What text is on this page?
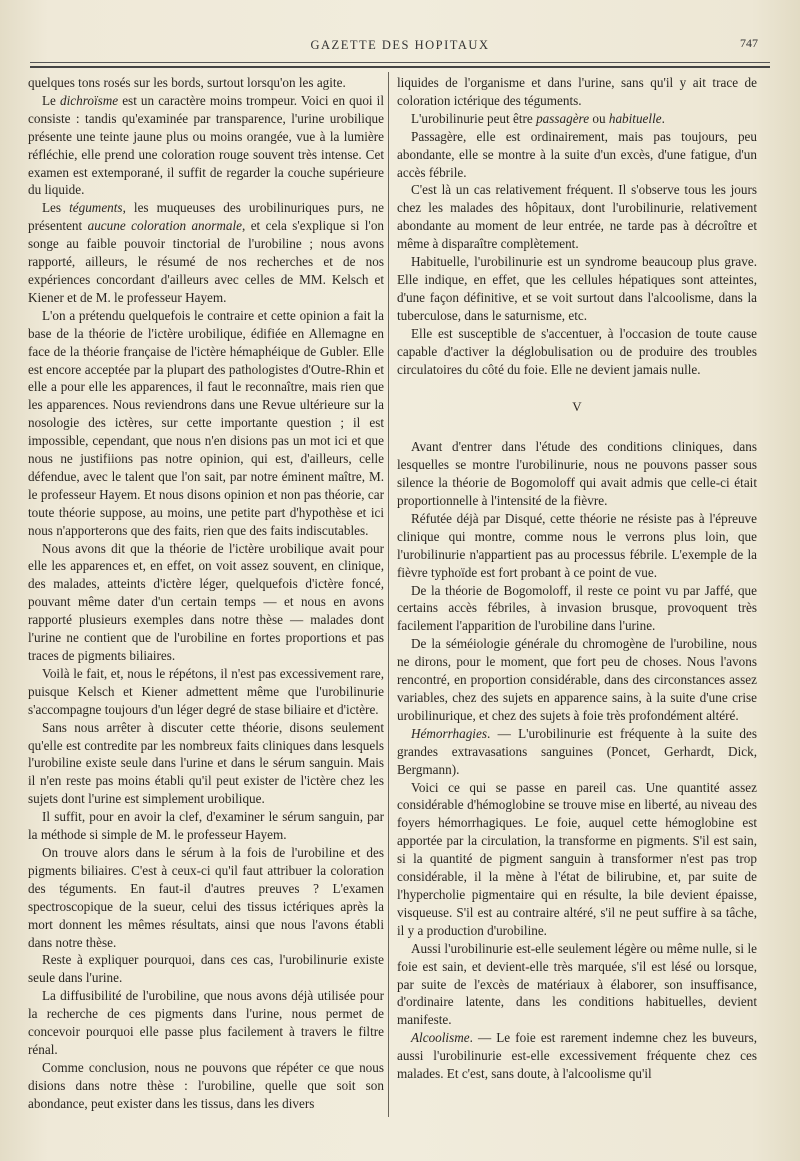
GAZETTE DES HOPITAUX	747

quelques tons rosés sur les bords, surtout lorsqu'on les agite.

Le dichroïsme est un caractère moins trompeur. Voici en quoi il consiste : tandis qu'examinée par transparence, l'urine urobilique présente une teinte jaune plus ou moins orangée, vue à la lumière réfléchie, elle prend une coloration rouge souvent très intense. Cet examen est extemporané, il suffit de regarder la couche supérieure du liquide.

Les téguments, les muqueuses des urobilinuriques purs, ne présentent aucune coloration anormale, et cela s'explique si l'on songe au faible pouvoir tinctorial de l'urobiline ; nous avons rapporté, ailleurs, le résumé de nos recherches et de nos expériences concordant d'ailleurs avec celles de MM. Kelsch et Kiener et de M. le professeur Hayem.

L'on a prétendu quelquefois le contraire et cette opinion a fait la base de la théorie de l'ictère urobilique, édifiée en Allemagne en face de la théorie française de l'ictère hémaphéique de Gubler. Elle est encore acceptée par la plupart des pathologistes d'Outre-Rhin et elle a pour elle les apparences, il faut le reconnaître, mais rien que les apparences. Nous reviendrons dans une Revue ultérieure sur la nosologie des ictères, sur cette importante question ; il est impossible, cependant, que nous n'en disions pas un mot ici et que nous ne justifiions pas notre opinion, qui est, d'ailleurs, celle défendue, avec le talent que l'on sait, par notre éminent maître, M. le professeur Hayem. Et nous disons opinion et non pas théorie, car toute théorie suppose, au moins, une petite part d'hypothèse et ici nous n'apporterons que des faits, rien que des faits indiscutables.

Nous avons dit que la théorie de l'ictère urobilique avait pour elle les apparences et, en effet, on voit assez souvent, en clinique, des malades, atteints d'ictère léger, quelquefois d'ictère foncé, pouvant même dater d'un certain temps — et nous en avons rapporté plusieurs exemples dans notre thèse — malades dont l'urine ne contient que de l'urobiline en fortes proportions et pas traces de pigments biliaires.

Voilà le fait, et, nous le répétons, il n'est pas excessivement rare, puisque Kelsch et Kiener admettent même que l'urobilinurie s'accompagne toujours d'un léger degré de stase biliaire et d'ictère.

Sans nous arrêter à discuter cette théorie, disons seulement qu'elle est contredite par les nombreux faits cliniques dans lesquels l'urobiline existe seule dans l'urine et dans le sérum sanguin. Mais il n'en reste pas moins établi qu'il peut exister de l'ictère chez les sujets dont l'urine est simplement urobilique.

Il suffit, pour en avoir la clef, d'examiner le sérum sanguin, par la méthode si simple de M. le professeur Hayem.

On trouve alors dans le sérum à la fois de l'urobiline et des pigments biliaires. C'est à ceux-ci qu'il faut attribuer la coloration des téguments. En faut-il d'autres preuves ? L'examen spectroscopique de la sueur, celui des tissus ictériques après la mort donnent les mêmes résultats, ainsi que nous l'avons établi dans notre thèse.

Reste à expliquer pourquoi, dans ces cas, l'urobilinurie existe seule dans l'urine.

La diffusibilité de l'urobiline, que nous avons déjà utilisée pour la recherche de ces pigments dans l'urine, nous permet de concevoir pourquoi elle passe plus facilement à travers le filtre rénal.

Comme conclusion, nous ne pouvons que répéter ce que nous disions dans notre thèse : l'urobiline, quelle que soit son abondance, peut exister dans les tissus, dans les divers

liquides de l'organisme et dans l'urine, sans qu'il y ait trace de coloration ictérique des téguments.

L'urobilinurie peut être passagère ou habituelle.

Passagère, elle est ordinairement, mais pas toujours, peu abondante, elle se montre à la suite d'un excès, d'une fatigue, d'un accès fébrile.

C'est là un cas relativement fréquent. Il s'observe tous les jours chez les malades des hôpitaux, dont l'urobilinurie, relativement abondante au moment de leur entrée, ne tarde pas à décroître et même à disparaître complètement.

Habituelle, l'urobilinurie est un syndrome beaucoup plus grave. Elle indique, en effet, que les cellules hépatiques sont atteintes, d'une façon définitive, et se voit surtout dans l'alcoolisme, dans la tuberculose, dans le saturnisme, etc.

Elle est susceptible de s'accentuer, à l'occasion de toute cause capable d'activer la déglobulisation ou de produire des troubles circulatoires du côté du foie. Elle ne devient jamais nulle.

V

Avant d'entrer dans l'étude des conditions cliniques, dans lesquelles se montre l'urobilinurie, nous ne pouvons passer sous silence la théorie de Bogomoloff qui avait admis que celle-ci était proportionnelle à l'intensité de la fièvre.

Réfutée déjà par Disqué, cette théorie ne résiste pas à l'épreuve clinique qui montre, comme nous le verrons plus loin, que l'urobilinurie n'appartient pas au processus fébrile. L'exemple de la fièvre typhoïde est fort probant à ce point de vue.

De la théorie de Bogomoloff, il reste ce point vu par Jaffé, que certains accès fébriles, à invasion brusque, provoquent très facilement l'apparition de l'urobiline dans l'urine.

De la séméiologie générale du chromogène de l'urobiline, nous ne dirons, pour le moment, que fort peu de choses. Nous l'avons rencontré, en proportion considérable, dans des circonstances assez variables, chez des sujets en apparence sains, à la suite d'une crise urobilinurique, et chez des sujets à foie très profondément altéré.

Hémorrhagies. — L'urobilinurie est fréquente à la suite des grandes extravasations sanguines (Poncet, Gerhardt, Dick, Bergmann).

Voici ce qui se passe en pareil cas. Une quantité assez considérable d'hémoglobine se trouve mise en liberté, au niveau des foyers hémorrhagiques. Le foie, auquel cette hémoglobine est apportée par la circulation, la transforme en pigments. S'il est sain, si la quantité de pigment sanguin à transformer n'est pas trop considérable, il la mène à l'état de bilirubine, et, par suite de l'hypercholie pigmentaire qui en résulte, la bile devient épaisse, visqueuse. S'il est au contraire altéré, s'il ne peut suffire à sa tâche, il y a production d'urobiline.

Aussi l'urobilinurie est-elle seulement légère ou même nulle, si le foie est sain, et devient-elle très marquée, s'il est lésé ou lorsque, par suite de l'excès de matériaux à élaborer, son insuffisance, d'ordinaire latente, dans les conditions habituelles, devient manifeste.

Alcoolisme. — Le foie est rarement indemne chez les buveurs, aussi l'urobilinurie est-elle excessivement fréquente chez ces malades. Et c'est, sans doute, à l'alcoolisme qu'il
